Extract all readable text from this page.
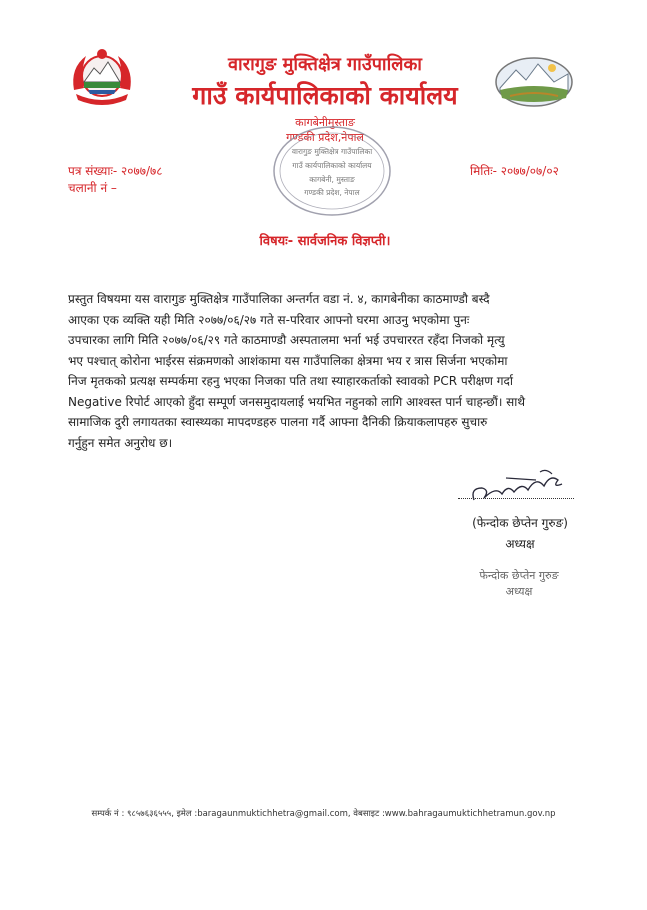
वारागुङ मुक्तिक्षेत्र गाउँपालिका
गाउँ कार्यपालिकाको कार्यालय
कागबेनीमुस्ताङ
गण्डकी प्रदेश,नेपाल
पत्र संख्याः- २०७७/७८
चलानी नं –
मितिः- २०७७/०७/०२
वारागुङ मुक्तिक्षेत्र गाउँपालिका
गाउँ कार्यपालिकाको कार्यालय
कागबेनी, मुस्ताङ
गण्डकी प्रदेश, नेपाल
विषयः- सार्वजनिक विज्ञप्ती।
प्रस्तुत विषयमा यस वारागुङ मुक्तिक्षेत्र गाउँपालिका अन्तर्गत वडा नं. ४, कागबेनीका काठमाण्डौ बस्दै
आएका एक व्यक्ति यही मिति २०७७/०६/२७ गते स-परिवार आफ्नो घरमा आउनु भएकोमा पुनः
उपचारका लागि मिति २०७७/०६/२९ गते काठमाण्डौ अस्पतालमा भर्ना भई उपचाररत रहँदा निजको मृत्यु
भए पश्चात् कोरोना भाईरस संक्रमणको आशंकामा यस गाउँपालिका क्षेत्रमा भय र त्रास सिर्जना भएकोमा
निज मृतकको प्रत्यक्ष सम्पर्कमा रहनु भएका निजका पति तथा स्याहारकर्ताको स्वावको PCR परीक्षण गर्दा
Negative रिपोर्ट आएको हुँदा सम्पूर्ण जनसमुदायलाई भयभित नहुनको लागि आश्वस्त पार्न चाहन्छौं। साथै
सामाजिक दुरी लगायतका स्वास्थ्यका मापदण्डहरु पालना गर्दै आफ्ना दैनिकी क्रियाकलापहरु सुचारु
गर्नुहुन समेत अनुरोध छ।
(फेन्दोक छेप्तेन गुरुङ)
अध्यक्ष
फेन्दोक छेप्तेन गुरुङ
अध्यक्ष
सम्पर्क नं : ९८५७६३६५५५, इमेल :baragaunmuktichhetra@gmail.com, वेबसाइट :www.bahragaumuktichhetramun.gov.np
